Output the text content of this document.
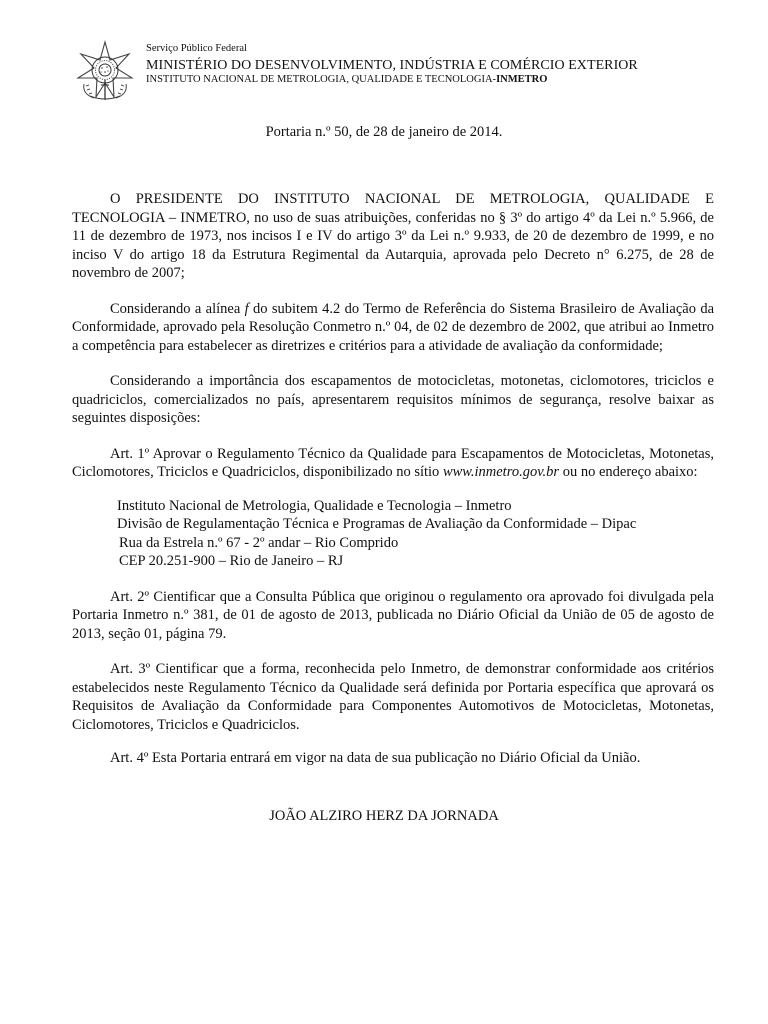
Serviço Público Federal
MINISTÉRIO DO DESENVOLVIMENTO, INDÚSTRIA E COMÉRCIO EXTERIOR
INSTITUTO NACIONAL DE METROLOGIA, QUALIDADE E TECNOLOGIA-INMETRO
Portaria n.º 50, de 28 de janeiro de 2014.

O PRESIDENTE DO INSTITUTO NACIONAL DE METROLOGIA, QUALIDADE E TECNOLOGIA – INMETRO, no uso de suas atribuições, conferidas no § 3º do artigo 4º da Lei n.º 5.966, de 11 de dezembro de 1973, nos incisos I e IV do artigo 3º da Lei n.º 9.933, de 20 de dezembro de 1999, e no inciso V do artigo 18 da Estrutura Regimental da Autarquia, aprovada pelo Decreto n° 6.275, de 28 de novembro de 2007;

Considerando a alínea f do subitem 4.2 do Termo de Referência do Sistema Brasileiro de Avaliação da Conformidade, aprovado pela Resolução Conmetro n.º 04, de 02 de dezembro de 2002, que atribui ao Inmetro a competência para estabelecer as diretrizes e critérios para a atividade de avaliação da conformidade;

Considerando a importância dos escapamentos de motocicletas, motonetas, ciclomotores, triciclos e quadriciclos, comercializados no país, apresentarem requisitos mínimos de segurança, resolve baixar as seguintes disposições:

Art. 1º Aprovar o Regulamento Técnico da Qualidade para Escapamentos de Motocicletas, Motonetas, Ciclomotores, Triciclos e Quadriciclos, disponibilizado no sítio www.inmetro.gov.br ou no endereço abaixo:

Instituto Nacional de Metrologia, Qualidade e Tecnologia – Inmetro
Divisão de Regulamentação Técnica e Programas de Avaliação da Conformidade – Dipac
Rua da Estrela n.º 67 - 2º andar – Rio Comprido
CEP 20.251-900 – Rio de Janeiro – RJ

Art. 2º Cientificar que a Consulta Pública que originou o regulamento ora aprovado foi divulgada pela Portaria Inmetro n.º 381, de 01 de agosto de 2013, publicada no Diário Oficial da União de 05 de agosto de 2013, seção 01, página 79.

Art. 3º Cientificar que a forma, reconhecida pelo Inmetro, de demonstrar conformidade aos critérios estabelecidos neste Regulamento Técnico da Qualidade será definida por Portaria específica que aprovará os Requisitos de Avaliação da Conformidade para Componentes Automotivos de Motocicletas, Motonetas, Ciclomotores, Triciclos e Quadriciclos.

Art. 4º Esta Portaria entrará em vigor na data de sua publicação no Diário Oficial da União.

JOÃO ALZIRO HERZ DA JORNADA
